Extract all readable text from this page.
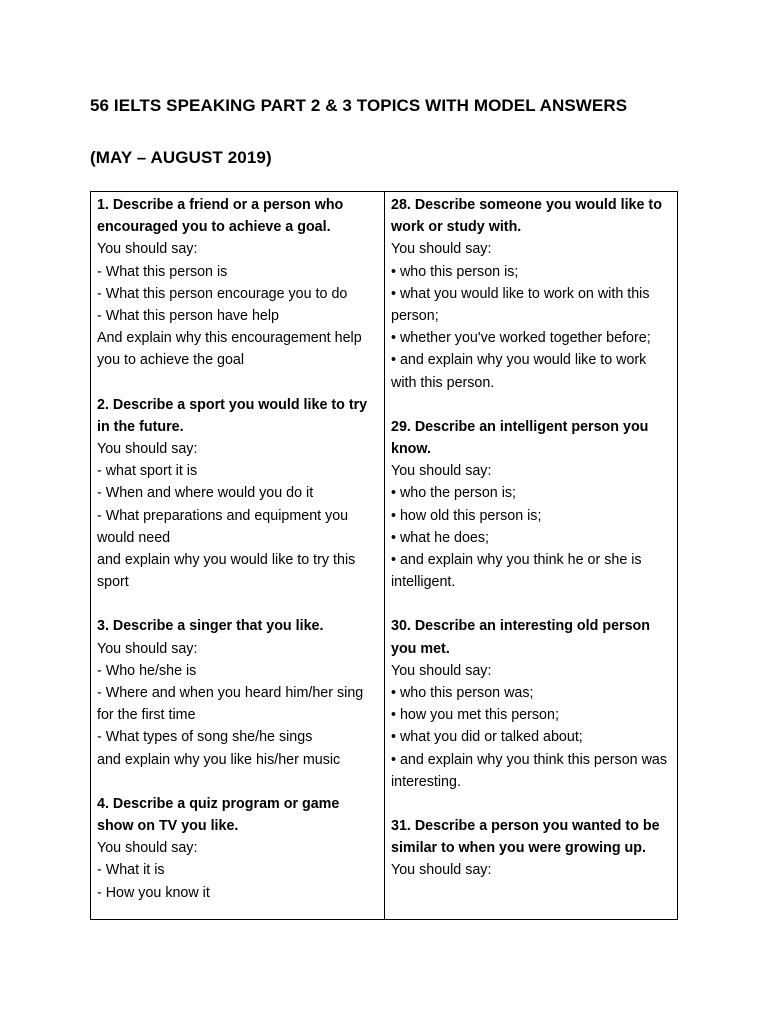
56 IELTS SPEAKING PART 2 & 3 TOPICS WITH MODEL ANSWERS
(MAY – AUGUST 2019)
1. Describe a friend or a person who encouraged you to achieve a goal.
You should say:
- What this person is
- What this person encourage you to do
- What this person have help
And explain why this encouragement help you to achieve the goal
2. Describe a sport you would like to try in the future.
You should say:
- what sport it is
- When and where would you do it
- What preparations and equipment you would need
and explain why you would like to try this sport
3. Describe a singer that you like.
You should say:
- Who he/she is
- Where and when you heard him/her sing for the first time
- What types of song she/he sings
and explain why you like his/her music
4. Describe a quiz program or game show on TV you like.
You should say:
- What it is
- How you know it
28. Describe someone you would like to work or study with.
You should say:
• who this person is;
• what you would like to work on with this person;
• whether you've worked together before;
• and explain why you would like to work with this person.
29. Describe an intelligent person you know.
You should say:
• who the person is;
• how old this person is;
• what he does;
• and explain why you think he or she is intelligent.
30. Describe an interesting old person you met.
You should say:
• who this person was;
• how you met this person;
• what you did or talked about;
• and explain why you think this person was interesting.
31. Describe a person you wanted to be similar to when you were growing up.
You should say:
